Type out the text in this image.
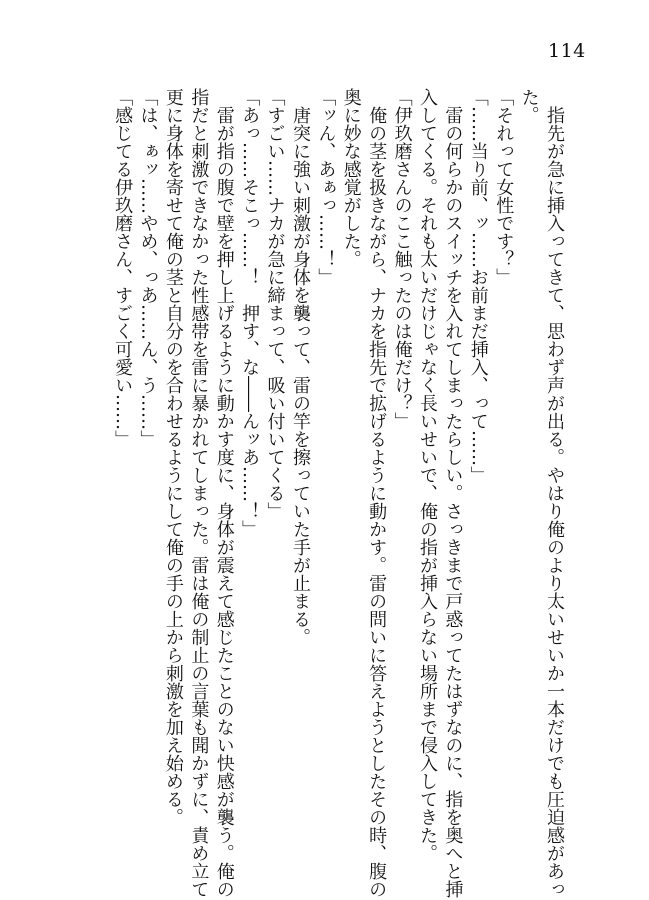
114
　指先が急に挿入ってきて、思わず声が出る。やはり俺のより太いせいか一本だけでも圧迫感があっ
た。
「それって女性です？」
「……当り前、ッ……お前まだ挿入、って……」
　雷の何らかのスイッチを入れてしまったらしい。さっきまで戸惑ってたはずなのに、指を奥へと挿
入してくる。それも太いだけじゃなく長いせいで、俺の指が挿入らない場所まで侵入してきた。
「伊玖磨さんのここ触ったのは俺だけ？」
　俺の茎を扱きながら、ナカを指先で拡げるように動かす。雷の問いに答えようとしたその時、腹の
奥に妙な感覚がした。
「ッん、あぁっ……！」
　唐突に強い刺激が身体を襲って、雷の竿を擦っていた手が止まる。
「すごい……ナカが急に締まって、吸い付いてくる」
「あっ……そこっ……！　押す、な――んッあ……！」
　雷が指の腹で壁を押し上げるように動かす度に、身体が震えて感じたことのない快感が襲う。俺の
指だと刺激できなかった性感帯を雷に暴かれてしまった。雷は俺の制止の言葉も聞かずに、責め立て
更に身体を寄せて俺の茎と自分のを合わせるようにして俺の手の上から刺激を加え始める。
「は、ぁッ……やめ、っあ……ん、う……」
「感じてる伊玖磨さん、すごく可愛い……」
